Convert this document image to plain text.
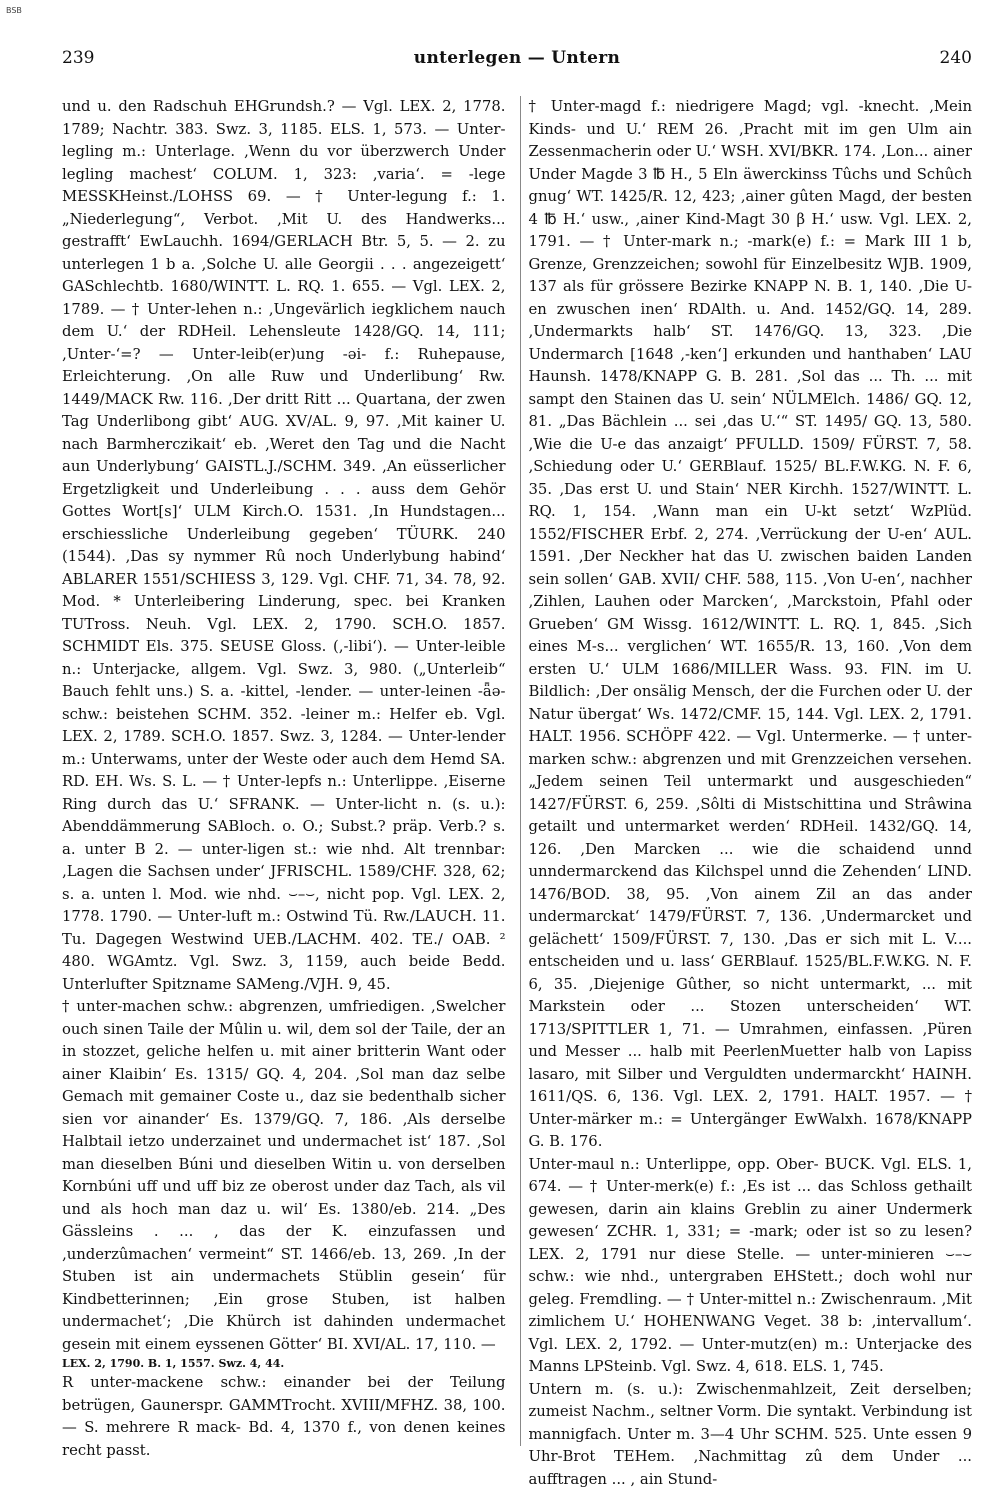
BSB
239	unterlegen — Untern	240

und u. den Radschuh EHGrundsh.? — Vgl. LEX. 2, 1778. 1789; Nachtr. 383. Swz. 3, 1185. ELS. 1, 573. — Unter-legling m.: Unterlage. ‚Wenn du vor überzwerch Under legling machest‘ COLUM. 1, 323: ‚varia‘. = -lege MESSKHeinst./LOHSS 69. — † Unter-legung f.: 1. „Niederlegung“, Verbot. ‚Mit U. des Handwerks... gestrafft‘ EwLauchh. 1694/GERLACH Btr. 5, 5. — 2. zu unterlegen 1 b a. ‚Solche U. alle Georgii . . . angezeigett‘ GASchlechtb. 1680/WINTT. L. RQ. 1. 655. — Vgl. LEX. 2, 1789. — † Unter-lehen n.: ‚Ungevärlich iegklichem nauch dem U.‘ der RDHeil. Lehensleute 1428/GQ. 14, 111; ‚Unter-‘=? — Unter-leib(er)ung -əi- f.: Ruhepause, Erleichterung. ‚On alle Ruw und Underlibung‘ Rw. 1449/MACK Rw. 116. ‚Der dritt Ritt ... Quartana, der zwen Tag Underlibong gibt‘ AUG. XV/AL. 9, 97. ‚Mit kainer U. nach Barmherczikait‘ eb. ‚Weret den Tag und die Nacht aun Underlybung‘ GAISTL.J./SCHM. 349. ‚An eüsserlicher Ergetzligkeit und Underleibung . . . auss dem Gehör Gottes Wort[s]‘ ULM Kirch.O. 1531. ‚In Hundstagen... erschiessliche Underleibung gegeben‘ TÜURK. 240 (1544). ‚Das sy nymmer Rû noch Underlybung habind‘ ABLARER 1551/SCHIESS 3, 129. Vgl. CHF. 71, 34. 78, 92. Mod. * Unterleibering Linderung, spec. bei Kranken TUTross. Neuh. Vgl. LEX. 2, 1790. SCH.O. 1857. SCHMIDT Els. 375. SEUSE Gloss. (‚-libi‘). — Unter-leible n.: Unterjacke, allgem. Vgl. Swz. 3, 980. („Unterleib“ Bauch fehlt uns.) S. a. -kittel, -lender. — unter-leinen -ǟə- schw.: beistehen SCHM. 352. -leiner m.: Helfer eb. Vgl. LEX. 2, 1789. SCH.O. 1857. Swz. 3, 1284. — Unter-lender m.: Unterwams, unter der Weste oder auch dem Hemd SA. RD. EH. Ws. S. L. — † Unter-lepfs n.: Unterlippe. ‚Eiserne Ring durch das U.‘ SFRANK. — Unter-licht n. (s. u.): Abenddämmerung SABloch. o. O.; Subst.? präp. Verb.? s. a. unter B 2. — unter-ligen st.: wie nhd. Alt trennbar: ‚Lagen die Sachsen under‘ JFRISCHL. 1589/CHF. 328, 62; s. a. unten l. Mod. wie nhd. ⌣–⌣, nicht pop. Vgl. LEX. 2, 1778. 1790. — Unter-luft m.: Ostwind Tü. Rw./LAUCH. 11. Tu. Dagegen Westwind UEB./LACHM. 402. TE./ OAB. ² 480. WGAmtz. Vgl. Swz. 3, 1159, auch beide Bedd. Unterlufter Spitzname SAMeng./VJH. 9, 45.

† unter-machen schw.: abgrenzen, umfriedigen. ‚Swelcher ouch sinen Taile der Mûlin u. wil, dem sol der Taile, der an in stozzet, geliche helfen u. mit ainer britterin Want oder ainer Klaibin‘ Es. 1315/ GQ. 4, 204. ‚Sol man daz selbe Gemach mit gemainer Coste u., daz sie bedenthalb sicher sien vor ainander‘ Es. 1379/GQ. 7, 186. ‚Als derselbe Halbtail ietzo underzainet und undermachet ist‘ 187. ‚Sol man dieselben Búni und dieselben Witin u. von derselben Kornbúni uff und uff biz ze oberost under daz Tach, als vil und als hoch man daz u. wil‘ Es. 1380/eb. 214. „Des Gässleins . ... , das der K. einzufassen und ‚underzûmachen‘ vermeint“ ST. 1466/eb. 13, 269. ‚In der Stuben ist ain undermachets Stüblin gesein‘ für Kindbetterinnen; ‚Ein grose Stuben, ist halben undermachet‘; ‚Die Khürch ist dahinden undermachet gesein mit einem eyssenen Götter‘ BI. XVI/AL. 17, 110. —

LEX. 2, 1790. B. 1, 1557. Swz. 4, 44.

R unter-mackene schw.: einander bei der Teilung betrügen, Gaunerspr. GAMMTrocht. XVIII/MFHZ. 38, 100. — S. mehrere R mack- Bd. 4, 1370 f., von denen keines recht passt.

† Unter-magd f.: niedrigere Magd; vgl. -knecht. ‚Mein Kinds- und U.‘ REM 26. ‚Pracht mit im gen Ulm ain Zessenmacherin oder U.‘ WSH. XVI/BKR. 174. ‚Lon... ainer Under Magde 3 ℔ H., 5 Eln äwerckinss Tûchs und Schûch gnug‘ WT. 1425/R. 12, 423; ‚ainer gûten Magd, der besten 4 ℔ H.‘ usw., ‚ainer Kind-Magt 30 β H.‘ usw. Vgl. LEX. 2, 1791. — † Unter-mark n.; -mark(e) f.: = Mark III 1 b, Grenze, Grenzzeichen; sowohl für Einzelbesitz WJB. 1909, 137 als für grössere Bezirke KNAPP N. B. 1, 140. ‚Die U-en zwuschen inen‘ RDAlth. u. And. 1452/GQ. 14, 289. ‚Undermarkts halb‘ ST. 1476/GQ. 13, 323. ‚Die Undermarch [1648 ‚-ken‘] erkunden und hanthaben‘ LAU Haunsh. 1478/KNAPP G. B. 281. ‚Sol das ... Th. ... mit sampt den Stainen das U. sein‘ NÜLMElch. 1486/ GQ. 12, 81. „Das Bächlein ... sei ‚das U.‘“ ST. 1495/ GQ. 13, 580. ‚Wie die U-e das anzaigt‘ PFULLD. 1509/ FÜRST. 7, 58. ‚Schiedung oder U.‘ GERBlauf. 1525/ BL.F.W.KG. N. F. 6, 35. ‚Das erst U. und Stain‘ NER Kirchh. 1527/WINTT. L. RQ. 1, 154. ‚Wann man ein U-kt setzt‘ WzPlüd. 1552/FISCHER Erbf. 2, 274. ‚Verrückung der U-en‘ AUL. 1591. ‚Der Neckher hat das U. zwischen baiden Landen sein sollen‘ GAB. XVII/ CHF. 588, 115. ‚Von U-en‘, nachher ‚Zihlen, Lauhen oder Marcken‘, ‚Marckstoin, Pfahl oder Grueben‘ GM Wissg. 1612/WINTT. L. RQ. 1, 845. ‚Sich eines M-s... verglichen‘ WT. 1655/R. 13, 160. ‚Von dem ersten U.‘ ULM 1686/MILLER Wass. 93. FlN. im U. Bildlich: ‚Der onsälig Mensch, der die Furchen oder U. der Natur übergat‘ Ws. 1472/CMF. 15, 144. Vgl. LEX. 2, 1791. HALT. 1956. SCHÖPF 422. — Vgl. Untermerke. — † unter-marken schw.: abgrenzen und mit Grenzzeichen versehen. „Jedem seinen Teil untermarkt und ausgeschieden“ 1427/FÜRST. 6, 259. ‚Sôlti di Mistschittina und Strâwina getailt und untermarket werden‘ RDHeil. 1432/GQ. 14, 126. ‚Den Marcken ... wie die schaidend unnd unndermarckend das Kilchspel unnd die Zehenden‘ LIND. 1476/BOD. 38, 95. ‚Von ainem Zil an das ander undermarckat‘ 1479/FÜRST. 7, 136. ‚Undermarcket und gelächett‘ 1509/FÜRST. 7, 130. ‚Das er sich mit L. V.... entscheiden und u. lass‘ GERBlauf. 1525/BL.F.W.KG. N. F. 6, 35. ‚Diejenige Gûther, so nicht untermarkt, ... mit Markstein oder ... Stozen unterscheiden‘ WT. 1713/SPITTLER 1, 71. — Umrahmen, einfassen. ‚Püren und Messer ... halb mit PeerlenMuetter halb von Lapiss lasaro, mit Silber und Verguldten undermarckht‘ HAINH. 1611/QS. 6, 136. Vgl. LEX. 2, 1791. HALT. 1957. — † Unter-märker m.: = Untergänger EwWalxh. 1678/KNAPP G. B. 176.

Unter-maul n.: Unterlippe, opp. Ober- BUCK. Vgl. ELS. 1, 674. — † Unter-merk(e) f.: ‚Es ist ... das Schloss gethailt gewesen, darin ain klains Greblin zu ainer Undermerk gewesen‘ ZCHR. 1, 331; = -mark; oder ist so zu lesen? LEX. 2, 1791 nur diese Stelle. — unter-minieren ⌣–⌣ schw.: wie nhd., untergraben EHStett.; doch wohl nur geleg. Fremdling. — † Unter-mittel n.: Zwischenraum. ‚Mit zimlichem U.‘ HOHENWANG Veget. 38 b: ‚intervallum‘. Vgl. LEX. 2, 1792. — Unter-mutz(en) m.: Unterjacke des Manns LPSteinb. Vgl. Swz. 4, 618. ELS. 1, 745.

Untern m. (s. u.): Zwischenmahlzeit, Zeit derselben; zumeist Nachm., seltner Vorm. Die syntakt. Verbindung ist mannigfach. Unter m. 3—4 Uhr SCHM. 525. Unte essen 9 Uhr-Brot TEHem. ‚Nachmittag zû dem Under ... aufftragen ... , ain Stund-
